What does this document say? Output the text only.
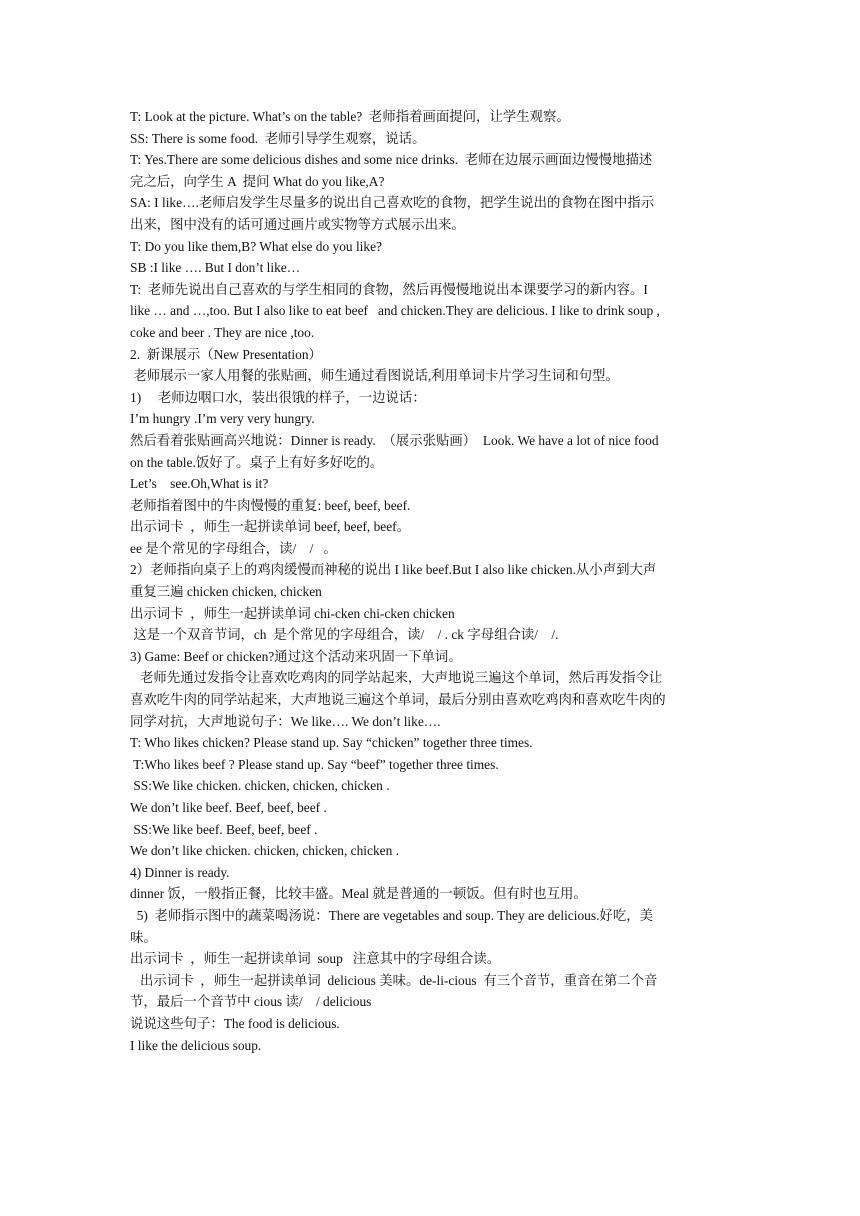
T: Look at the picture. What’s on the table?  老师指着画面提问，让学生观察。
SS: There is some food.  老师引导学生观察，说话。
T: Yes.There are some delicious dishes and some nice drinks.  老师在边展示画面边慢慢地描述
完之后，向学生 A  提问 What do you like,A?
SA: I like….老师启发学生尽量多的说出自己喜欢吃的食物，把学生说出的食物在图中指示
出来，图中没有的话可通过画片或实物等方式展示出来。
T: Do you like them,B? What else do you like?
SB :I like …. But I don’t like…
T:  老师先说出自己喜欢的与学生相同的食物，然后再慢慢地说出本课要学习的新内容。I
like … and …,too. But I also like to eat beef   and chicken.They are delicious. I like to drink soup ,
coke and beer . They are nice ,too.
2.  新课展示（New Presentation）
老师展示一家人用餐的张贴画，师生通过看图说话,利用单词卡片学习生词和句型。
1)     老师边咽口水，装出很饿的样子，一边说话：
I’m hungry .I’m very very hungry.
然后看着张贴画高兴地说：Dinner is ready.  （展示张贴画）  Look. We have a lot of nice food
on the table.饭好了。桌子上有好多好吃的。
Let’s    see.Oh,What is it?
老师指着图中的牛肉慢慢的重复: beef, beef, beef.
出示词卡  ，师生一起拼读单词 beef, beef, beef。
ee 是个常见的字母组合，读/    /   。
2）老师指向桌子上的鸡肉缓慢而神秘的说出 I like beef.But I also like chicken.从小声到大声
重复三遍 chicken chicken, chicken
出示词卡  ，师生一起拼读单词 chi-cken chi-cken chicken
这是一个双音节词，ch  是个常见的字母组合，读/    / . ck 字母组合读/    /.
3) Game: Beef or chicken?通过这个活动来巩固一下单词。
老师先通过发指令让喜欢吃鸡肉的同学站起来，大声地说三遍这个单词，然后再发指令让
喜欢吃牛肉的同学站起来，大声地说三遍这个单词，最后分别由喜欢吃鸡肉和喜欢吃牛肉的
同学对抗，大声地说句子：We like…. We don’t like….
T: Who likes chicken? Please stand up. Say “chicken” together three times.
T:Who likes beef ? Please stand up. Say “beef” together three times.
SS:We like chicken. chicken, chicken, chicken .
We don’t like beef. Beef, beef, beef .
SS:We like beef. Beef, beef, beef .
We don’t like chicken. chicken, chicken, chicken .
4) Dinner is ready.
dinner 饭，一般指正餐，比较丰盛。Meal 就是普通的一顿饭。但有时也互用。
5)  老师指示图中的蔬菜喝汤说：There are vegetables and soup. They are delicious.好吃，美
味。
出示词卡  ，师生一起拼读单词  soup   注意其中的字母组合读。
出示词卡  ，师生一起拼读单词  delicious 美味。de-li-cious  有三个音节，重音在第二个音
节，最后一个音节中 cious 读/    / delicious
说说这些句子：The food is delicious.
I like the delicious soup.
